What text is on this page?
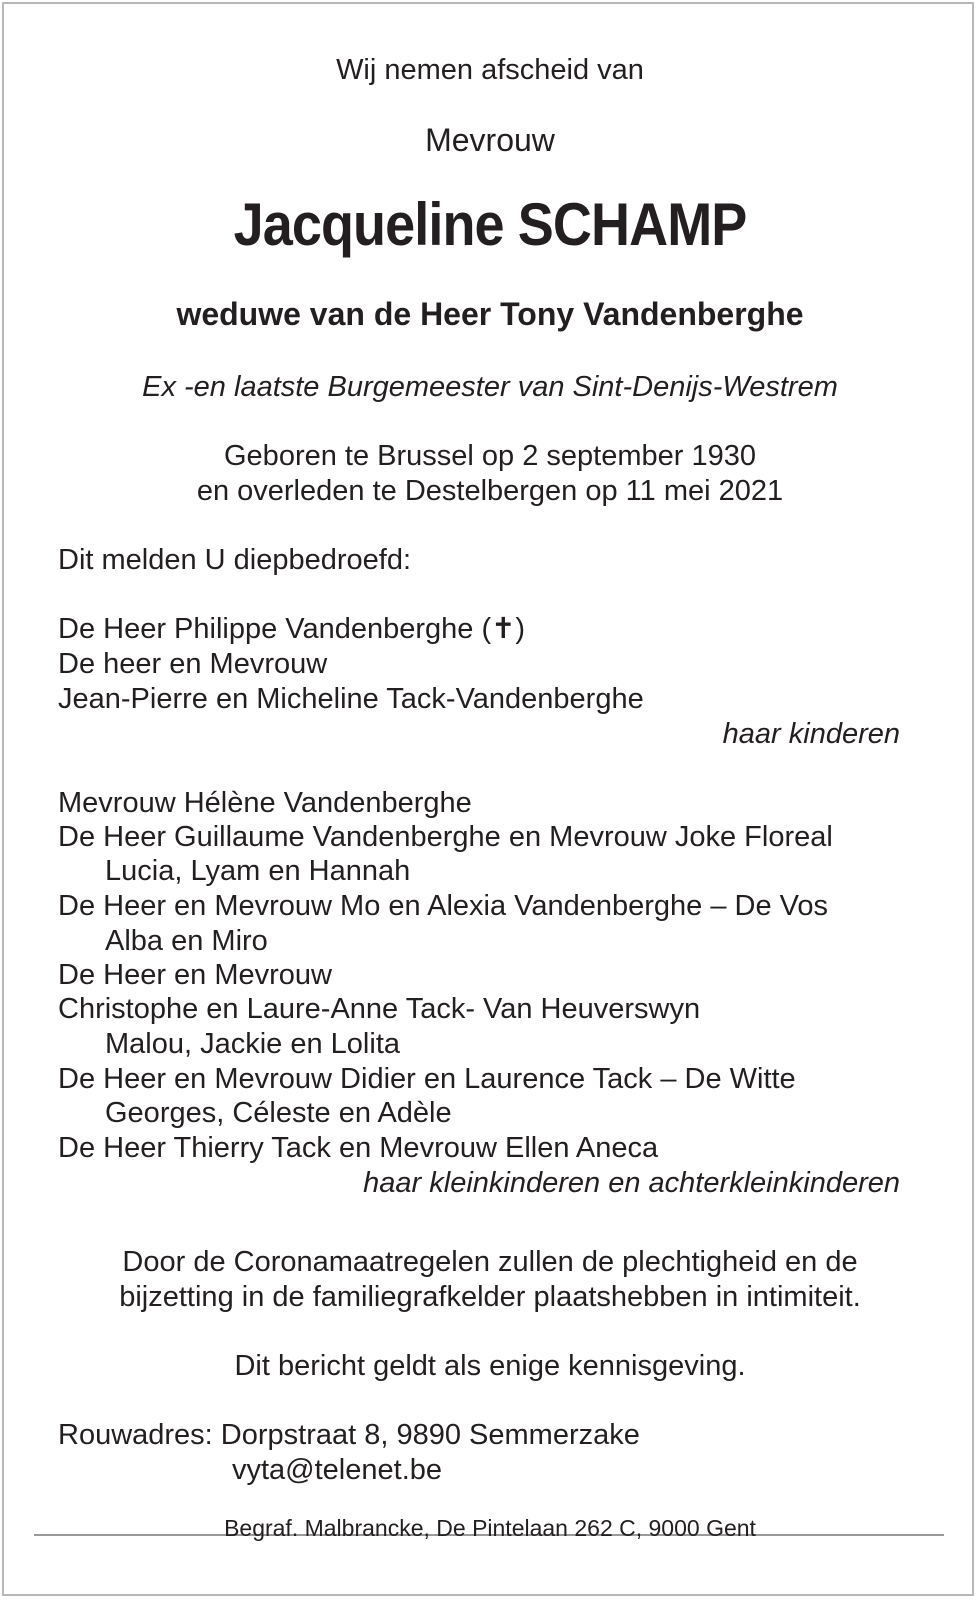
Wij nemen afscheid van
Mevrouw
Jacqueline SCHAMP
weduwe van de Heer Tony Vandenberghe
Ex -en laatste Burgemeester van Sint-Denijs-Westrem
Geboren te Brussel op 2 september 1930
en overleden te Destelbergen op 11 mei 2021
Dit melden U diepbedroefd:
De Heer Philippe Vandenberghe (✝)
De heer en Mevrouw
Jean-Pierre en Micheline Tack-Vandenberghe
haar kinderen
Mevrouw Hélène Vandenberghe
De Heer Guillaume Vandenberghe en Mevrouw Joke Floreal
Lucia, Lyam en Hannah
De Heer en Mevrouw Mo en Alexia Vandenberghe – De Vos
Alba en Miro
De Heer en Mevrouw
Christophe en Laure-Anne Tack- Van Heuverswyn
Malou, Jackie en Lolita
De Heer en Mevrouw Didier en Laurence Tack – De Witte
Georges, Céleste en Adèle
De Heer Thierry Tack en Mevrouw Ellen Aneca
haar kleinkinderen en achterkleinkinderen
Door de Coronamaatregelen zullen de plechtigheid en de
bijzetting in de familiegrafkelder plaatshebben in intimiteit.
Dit bericht geldt als enige kennisgeving.
Rouwadres: Dorpstraat 8, 9890 Semmerzake
vyta@telenet.be
Begraf. Malbrancke, De Pintelaan 262 C, 9000 Gent
